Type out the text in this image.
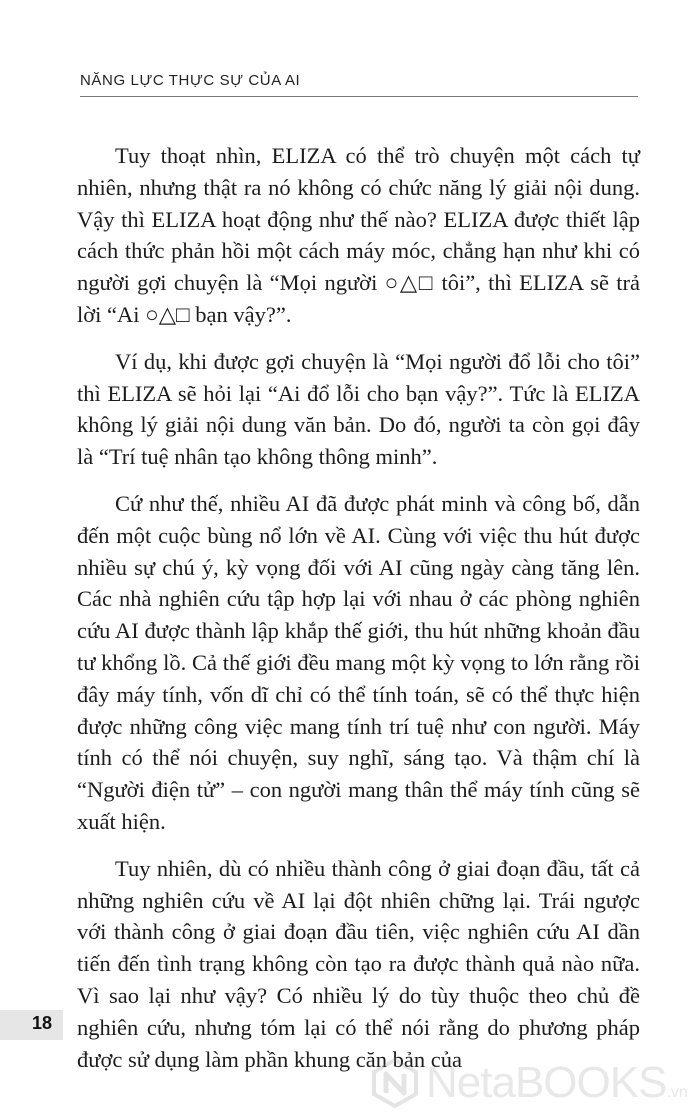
NĂNG LỰC THỰC SỰ CỦA AI

Tuy thoạt nhìn, ELIZA có thể trò chuyện một cách tự nhiên, nhưng thật ra nó không có chức năng lý giải nội dung. Vậy thì ELIZA hoạt động như thế nào? ELIZA được thiết lập cách thức phản hồi một cách máy móc, chẳng hạn như khi có người gợi chuyện là “Mọi người ○△□ tôi”, thì ELIZA sẽ trả lời “Ai ○△□ bạn vậy?”.

Ví dụ, khi được gợi chuyện là “Mọi người đổ lỗi cho tôi” thì ELIZA sẽ hỏi lại “Ai đổ lỗi cho bạn vậy?”. Tức là ELIZA không lý giải nội dung văn bản. Do đó, người ta còn gọi đây là “Trí tuệ nhân tạo không thông minh”.

Cứ như thế, nhiều AI đã được phát minh và công bố, dẫn đến một cuộc bùng nổ lớn về AI. Cùng với việc thu hút được nhiều sự chú ý, kỳ vọng đối với AI cũng ngày càng tăng lên. Các nhà nghiên cứu tập hợp lại với nhau ở các phòng nghiên cứu AI được thành lập khắp thế giới, thu hút những khoản đầu tư khổng lồ. Cả thế giới đều mang một kỳ vọng to lớn rằng rồi đây máy tính, vốn dĩ chỉ có thể tính toán, sẽ có thể thực hiện được những công việc mang tính trí tuệ như con người. Máy tính có thể nói chuyện, suy nghĩ, sáng tạo. Và thậm chí là “Người điện tử” – con người mang thân thể máy tính cũng sẽ xuất hiện.

Tuy nhiên, dù có nhiều thành công ở giai đoạn đầu, tất cả những nghiên cứu về AI lại đột nhiên chững lại. Trái ngược với thành công ở giai đoạn đầu tiên, việc nghiên cứu AI dần tiến đến tình trạng không còn tạo ra được thành quả nào nữa. Vì sao lại như vậy? Có nhiều lý do tùy thuộc theo chủ đề nghiên cứu, nhưng tóm lại có thể nói rằng do phương pháp được sử dụng làm phần khung căn bản của

18
NetaBOOKS .vn
